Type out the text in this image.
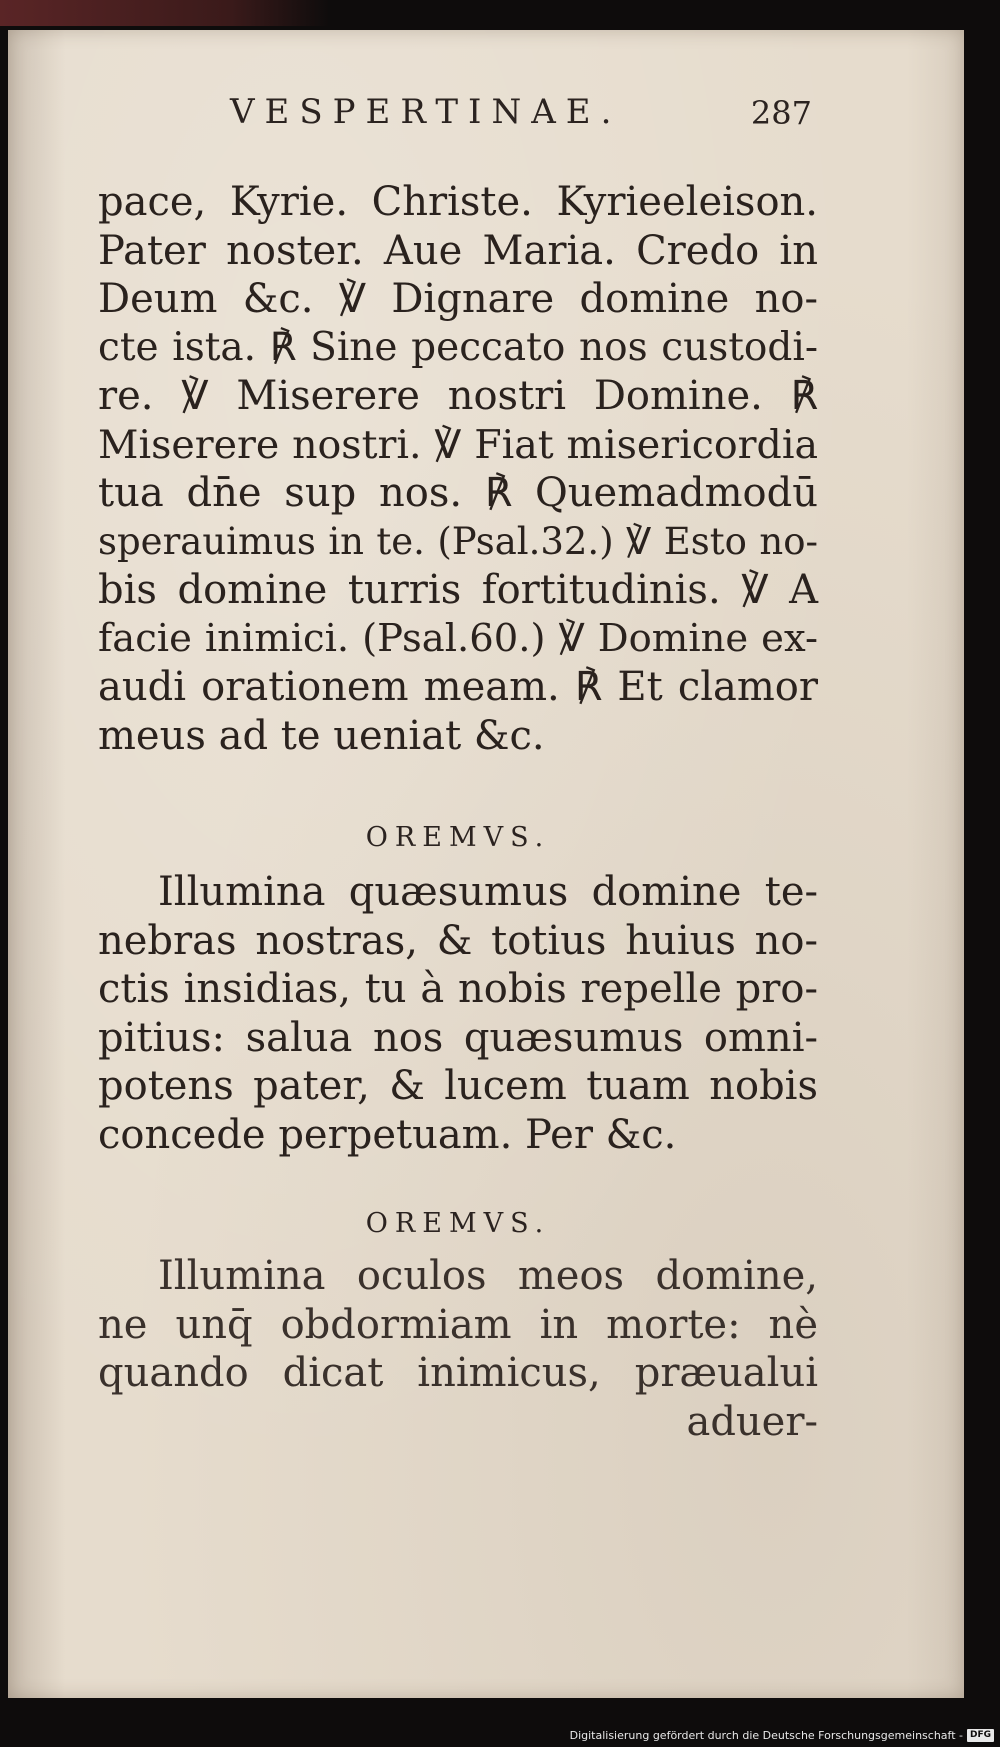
VESPERTINAE.	287
pace, Kyrie. Christe. Kyrieeleison.
Pater noster. Aue Maria. Credo in
Deum &c. ℣ Dignare domine no-
cte ista. ℟ Sine peccato nos custodi-
re. ℣ Miserere nostri Domine. ℟
Miserere nostri. ℣ Fiat misericordia
tua dn̄e sup nos. ℟ Quemadmodū
sperauimus in te. (Psal.32.) ℣ Esto no-
bis domine turris fortitudinis. ℣ A
facie inimici. (Psal.60.) ℣ Domine ex-
audi orationem meam. ℟ Et clamor
meus ad te ueniat &c.

OREMVS.

Illumina quæsumus domine te-
nebras nostras, & totius huius no-
ctis insidias, tu à nobis repelle pro-
pitius: salua nos quæsumus omni-
potens pater, & lucem tuam nobis
concede perpetuam. Per &c.

OREMVS.

Illumina oculos meos domine,
ne unq̄ obdormiam in morte: nè
quando dicat inimicus, præualui
aduer-
Digitalisierung gefördert durch die Deutsche Forschungsgemeinschaft - DFG
